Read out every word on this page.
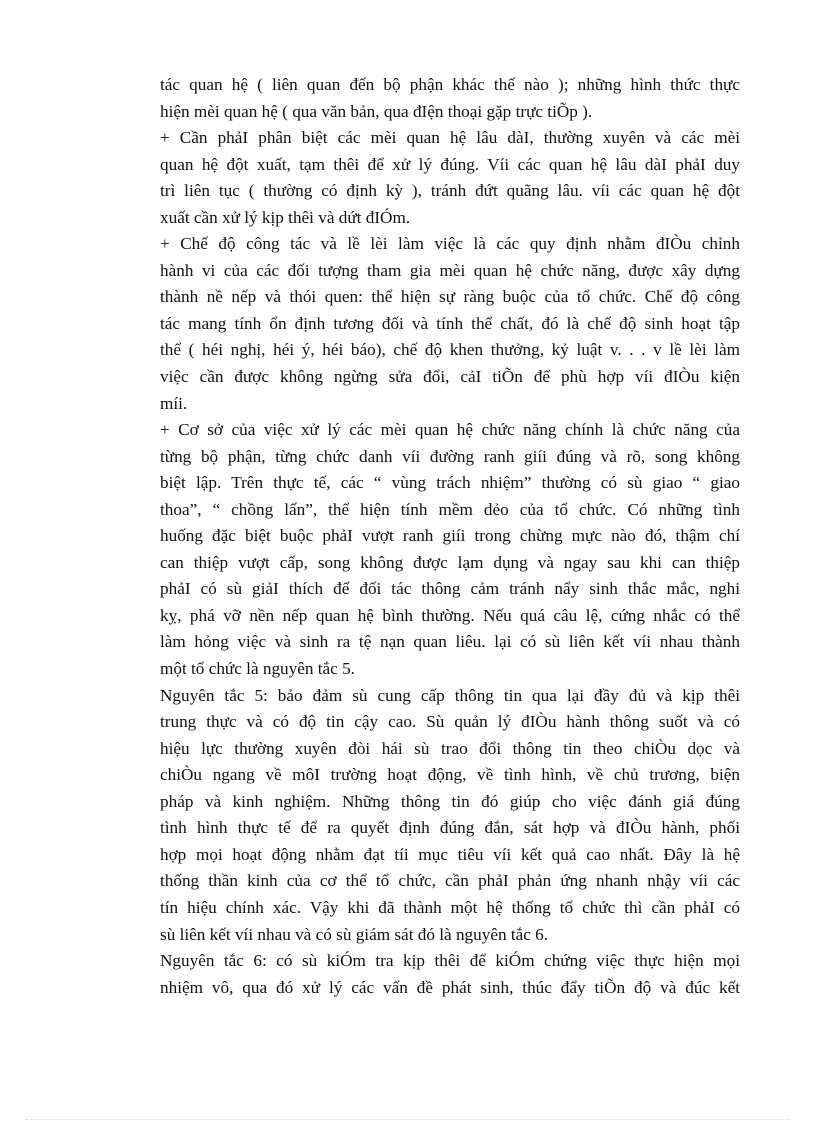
tác quan hệ ( liên quan đến bộ phận khác thế nào ); những hình thức thực
hiện mèi quan hệ ( qua văn bản, qua đIện thoại gặp trực tiÕp ).
+ Cần phảI phân biệt các mèi quan hệ lâu dàI, thường xuyên và các mèi
quan hệ đột xuất, tạm thêi để xử lý đúng. Víi các quan hệ lâu dàI phảI duy
trì liên tục ( thường có định kỳ ), tránh đứt quãng lâu. víi các quan hệ đột
xuất cần xử lý kịp thêi và dứt đIÓm.
+ Chế độ công tác và lề lèi làm việc là các quy định nhằm đIÒu chỉnh
hành vi của các đối tượng tham gia mèi quan hệ chức năng, được xây dựng
thành nề nếp và thói quen: thể hiện sự ràng buộc của tổ chức. Chế độ công
tác mang tính ổn định tương đối và tính thể chất, đó là chế độ sinh hoạt tập
thể ( héi nghị, héi ý, héi báo), chế độ khen thưởng, kỷ luật v. . . v lề lèi làm
việc cần được không ngừng sửa đổi, cảI tiÕn để phù hợp víi đIÒu kiện
míi.
+ Cơ sở của việc xử lý các mèi quan hệ chức năng chính là chức năng của
từng bộ phận, từng chức danh víi đường ranh giíi đúng và rõ, song không
biệt lập. Trên thực tế, các “ vùng trách nhiệm” thường có sù giao “ giao
thoa”, “ chồng lấn”, thể hiện tính mềm dẻo của tổ chức. Có những tình
huống đặc biệt buộc phảI vượt ranh giíi trong chừng mực nào đó, thậm chí
can thiệp vượt cấp, song không được lạm dụng và ngay sau khi can thiệp
phảI có sù giảI thích để đối tác thông cảm tránh nẩy sinh thắc mắc, nghi
kỵ, phá vỡ nền nếp quan hệ bình thường. Nếu quá câu lệ, cứng nhắc có thể
làm hỏng việc và sinh ra tệ nạn quan liêu. lại có sù liên kết víi nhau thành
một tổ chức là nguyên tắc 5.
Nguyên tắc 5: bảo đảm sù cung cấp thông tin qua lại đầy đủ và kịp thêi
trung thực và có độ tin cậy cao. Sù quản lý đIÒu hành thông suốt và có
hiệu lực thường xuyên đòi hái sù trao đổi thông tin theo chiÒu dọc và
chiÒu ngang về môI trường hoạt động, về tình hình, về chủ trương, biện
pháp và kinh nghiệm. Những thông tin đó giúp cho việc đánh giá đúng
tình hình thực tế để ra quyết định đúng đắn, sát hợp và đIÒu hành, phối
hợp mọi hoạt động nhằm đạt tíi mục tiêu víi kết quả cao nhất. Đây là hệ
thống thần kinh của cơ thể tổ chức, cần phảI phản ứng nhanh nhậy víi các
tín hiệu chính xác. Vậy khi đã thành một hệ thống tổ chức thì cần phảI có
sù liên kết víi nhau và có sù giám sát đó là nguyên tắc 6.
Nguyên tắc 6: có sù kiÓm tra kịp thêi để kiÓm chứng việc thực hiện mọi
nhiệm vô, qua đó xử lý các vấn đề phát sinh, thúc đẩy tiÕn độ và đúc kết
